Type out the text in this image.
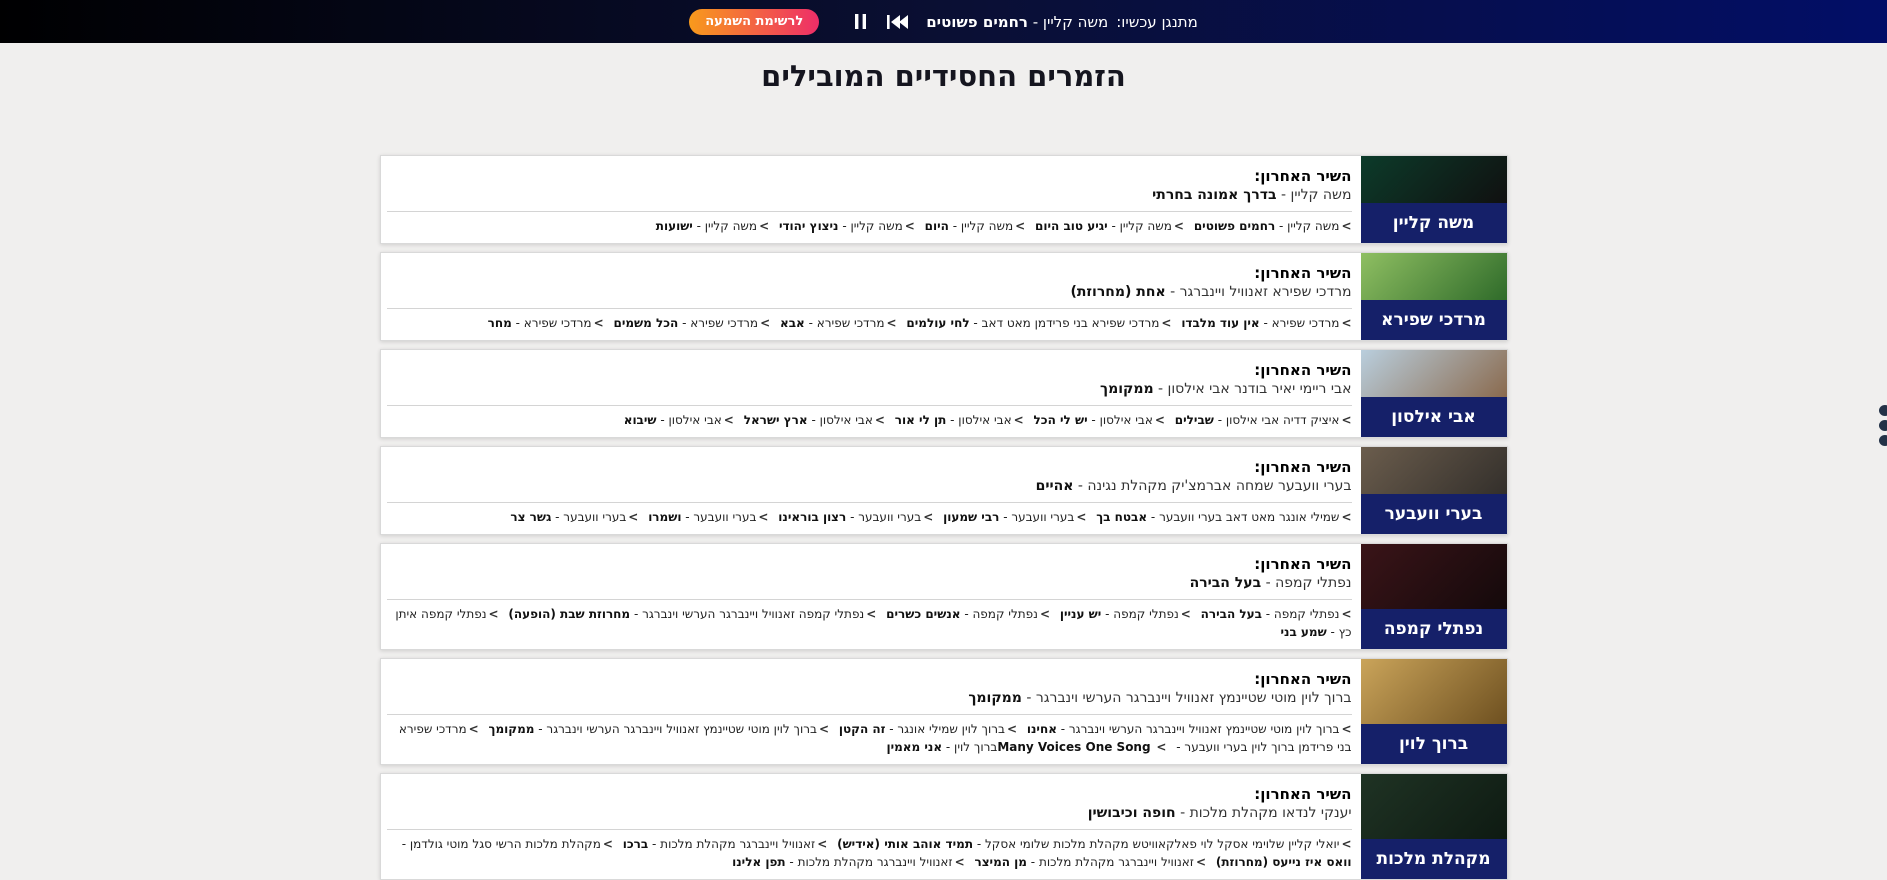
מתנגן עכשיו:
משה קליין - רחמים פשוטים
לרשימת השמעה
הזמרים החסידיים המובילים
משה קליין
השיר האחרון:
משה קליין - בדרך אמונה בחרתי

<משה קליין - רחמים פשוטים <משה קליין - יגיע טוב היום <משה קליין - היום <משה קליין - ניצוץ יהודי <משה קליין - ישועות

מרדכי שפירא
השיר האחרון:
מרדכי שפירא זאנוויל ויינברגר - אחת (מחרוזת)

<מרדכי שפירא - אין עוד מלבדו <מרדכי שפירא בני פרידמן מאט דאב - לחי עולמים <מרדכי שפירא - אבא <מרדכי שפירא - הכל משמים <מרדכי שפירא - מחר

אבי אילסון
השיר האחרון:
אבי ריימי יאיר בודנר אבי אילסון - ממקומך

<איציק דדיה אבי אילסון - שבילים <אבי אילסון - יש לי הכל <אבי אילסון - תן לי אור <אבי אילסון - ארץ ישראל <אבי אילסון - שיבוא

בערי וועבער
השיר האחרון:
בערי וועבער שמחה אברמצ'יק מקהלת נגינה - אהיים

<שמילי אונגר מאט דאב בערי וועבער - אבטח בך <בערי וועבער - רבי שמעון <בערי וועבער - רצון בוראינו <בערי וועבער - ושמרו <בערי וועבער - גשר צר

נפתלי קמפה
השיר האחרון:
נפתלי קמפה - בעל הבירה

<נפתלי קמפה - בעל הבירה <נפתלי קמפה - יש עניין <נפתלי קמפה - אנשים כשרים <נפתלי קמפה זאנוויל ויינברגר הערשי וינברגר - מחרוזת שבת (הופעה) <נפתלי קמפה איתן כץ - שמע בני

ברוך לוין
השיר האחרון:
ברוך לוין מוטי שטיינמץ זאנוויל ויינברגר הערשי וינברגר - ממקומך

<ברוך לוין מוטי שטיינמץ זאנוויל ויינברגר הערשי וינברגר - אחינו <ברוך לוין שמילי אונגר - זה הקטן <ברוך לוין מוטי שטיינמץ זאנוויל ויינברגר הערשי וינברגר - ממקומך <מרדכי שפירא בני פרידמן ברוך לוין בערי וועבער - Many Voices One Song <ברוך לוין - אני מאמין

מקהלת מלכות
השיר האחרון:
יענקי לנדאו מקהלת מלכות - חופה וכיבושין

<יואלי קליין שלוימי אסקל לוי פאלקאוויטש מקהלת מלכות שלומי אסקל - תמיד אוהב אותי (אידיש) <זאנוויל ויינברגר מקהלת מלכות - ברכו <מקהלת מלכות הרשי סגל מוטי גולדמן - וואס איז נייעס (מחרוזת) <זאנוויל ויינברגר מקהלת מלכות - מן המיצר <זאנוויל ויינברגר מקהלת מלכות - תפן אלינו
